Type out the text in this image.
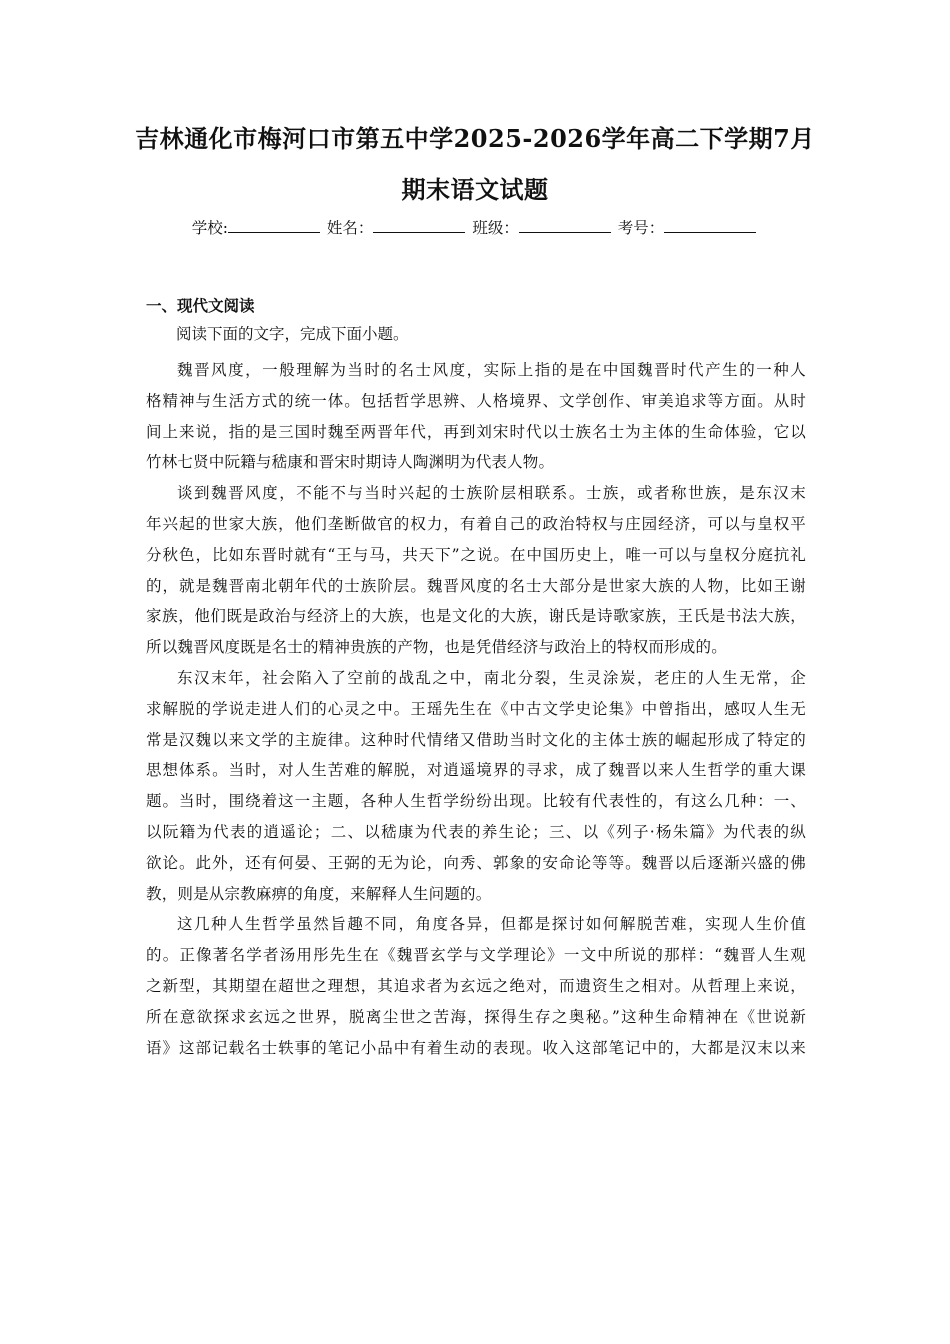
吉林通化市梅河口市第五中学2025-2026学年高二下学期7月
期末语文试题
学校:	姓名：	班级：	考号：
一、现代文阅读
阅读下面的文字，完成下面小题。
魏晋风度，一般理解为当时的名士风度，实际上指的是在中国魏晋时代产生的一种人
格精神与生活方式的统一体。包括哲学思辨、人格境界、文学创作、审美追求等方面。从时
间上来说，指的是三国时魏至两晋年代，再到刘宋时代以士族名士为主体的生命体验，它以
竹林七贤中阮籍与嵇康和晋宋时期诗人陶渊明为代表人物。
谈到魏晋风度，不能不与当时兴起的士族阶层相联系。士族，或者称世族，是东汉末
年兴起的世家大族，他们垄断做官的权力，有着自己的政治特权与庄园经济，可以与皇权平
分秋色，比如东晋时就有“王与马，共天下”之说。在中国历史上，唯一可以与皇权分庭抗礼
的，就是魏晋南北朝年代的士族阶层。魏晋风度的名士大部分是世家大族的人物，比如王谢
家族，他们既是政治与经济上的大族，也是文化的大族，谢氏是诗歌家族，王氏是书法大族，
所以魏晋风度既是名士的精神贵族的产物，也是凭借经济与政治上的特权而形成的。
东汉末年，社会陷入了空前的战乱之中，南北分裂，生灵涂炭，老庄的人生无常，企
求解脱的学说走进人们的心灵之中。王瑶先生在《中古文学史论集》中曾指出，感叹人生无
常是汉魏以来文学的主旋律。这种时代情绪又借助当时文化的主体士族的崛起形成了特定的
思想体系。当时，对人生苦难的解脱，对逍遥境界的寻求，成了魏晋以来人生哲学的重大课
题。当时，围绕着这一主题，各种人生哲学纷纷出现。比较有代表性的，有这么几种：一、
以阮籍为代表的逍遥论；二、以嵇康为代表的养生论；三、以《列子·杨朱篇》为代表的纵
欲论。此外，还有何晏、王弼的无为论，向秀、郭象的安命论等等。魏晋以后逐渐兴盛的佛
教，则是从宗教麻痹的角度，来解释人生问题的。
这几种人生哲学虽然旨趣不同，角度各异，但都是探讨如何解脱苦难，实现人生价值
的。正像著名学者汤用彤先生在《魏晋玄学与文学理论》一文中所说的那样：“魏晋人生观
之新型，其期望在超世之理想，其追求者为玄远之绝对，而遗资生之相对。从哲理上来说，
所在意欲探求玄远之世界，脱离尘世之苦海，探得生存之奥秘。”这种生命精神在《世说新
语》这部记载名士轶事的笔记小品中有着生动的表现。收入这部笔记中的，大都是汉末以来
